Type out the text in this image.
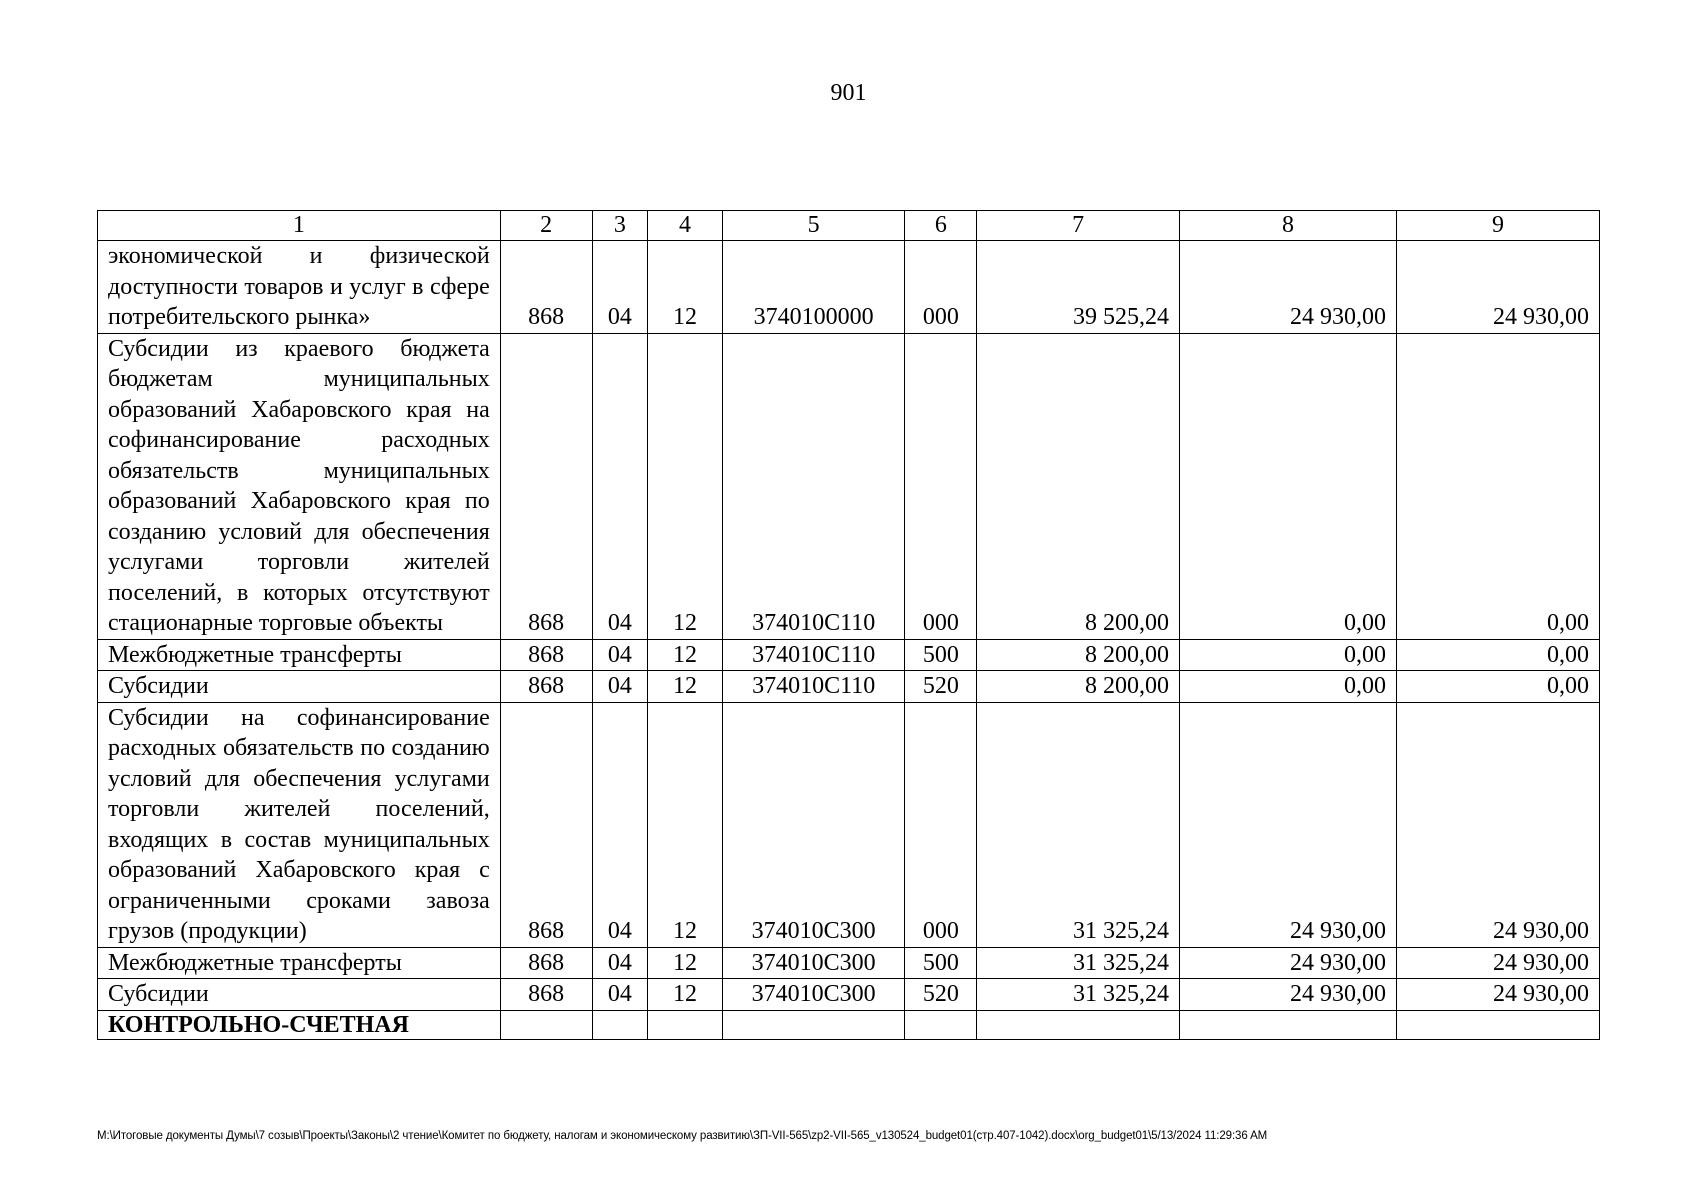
901
1	2	3	4	5	6	7	8	9
экономической и физической доступности товаров и услуг в сфере потребительского рынка»	868	04	12	3740100000	000	39 525,24	24 930,00	24 930,00
Субсидии из краевого бюджета бюджетам муниципальных образований Хабаровского края на софинансирование расходных обязательств муниципальных образований Хабаровского края по созданию условий для обеспечения услугами торговли жителей поселений, в которых отсутствуют стационарные торговые объекты	868	04	12	374010С110	000	8 200,00	0,00	0,00
Межбюджетные трансферты	868	04	12	374010С110	500	8 200,00	0,00	0,00
Субсидии	868	04	12	374010С110	520	8 200,00	0,00	0,00
Субсидии на софинансирование расходных обязательств по созданию условий для обеспечения услугами торговли жителей поселений, входящих в состав муниципальных образований Хабаровского края с ограниченными сроками завоза грузов (продукции)	868	04	12	374010С300	000	31 325,24	24 930,00	24 930,00
Межбюджетные трансферты	868	04	12	374010С300	500	31 325,24	24 930,00	24 930,00
Субсидии	868	04	12	374010С300	520	31 325,24	24 930,00	24 930,00
КОНТРОЛЬНО-СЧЕТНАЯ								
M:\Итоговые документы Думы\7 созыв\Проекты\Законы\2 чтение\Комитет по бюджету, налогам и экономическому развитию\ЗП-VII-565\zp2-VII-565_v130524_budget01(стр.407-1042).docx\org_budget01\5/13/2024 11:29:36 AM
